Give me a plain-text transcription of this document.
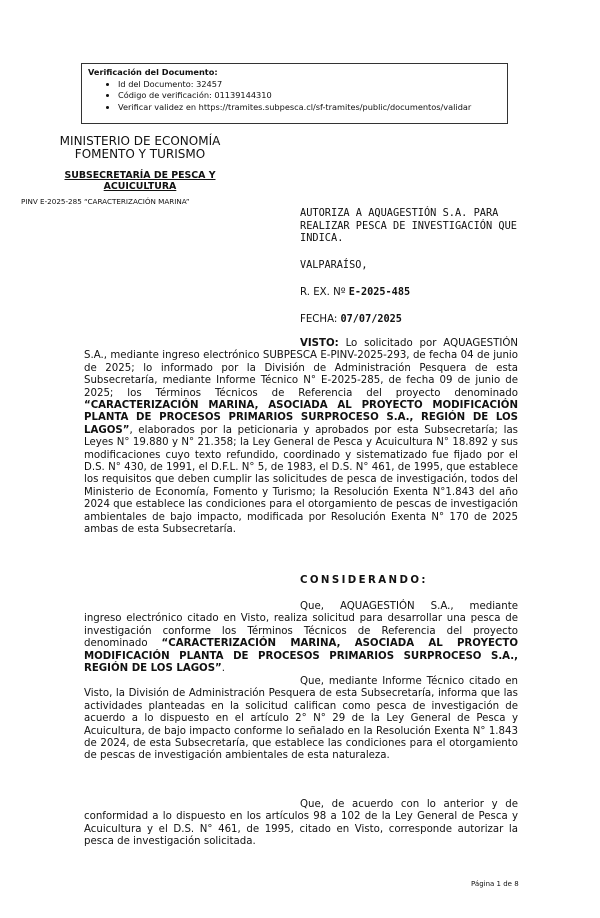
Verificación del Documento:
• Id del Documento: 32457
• Código de verificación: 01139144310
• Verificar validez en https://tramites.subpesca.cl/sf-tramites/public/documentos/validar
MINISTERIO DE ECONOMÍA
FOMENTO Y TURISMO
SUBSECRETARÍA DE PESCA Y
ACUICULTURA
PINV E-2025-285 “CARACTERIZACIÓN MARINA”
AUTORIZA A AQUAGESTIÓN S.A. PARA REALIZAR PESCA DE INVESTIGACIÓN QUE INDICA.
VALPARAÍSO,
R. EX. Nº E-2025-485
FECHA: 07/07/2025
VISTO: Lo solicitado por AQUAGESTIÓN S.A., mediante ingreso electrónico SUBPESCA E-PINV-2025-293, de fecha 04 de junio de 2025; lo informado por la División de Administración Pesquera de esta Subsecretaría, mediante Informe Técnico N° E-2025-285, de fecha 09 de junio de 2025; los Términos Técnicos de Referencia del proyecto denominado “CARACTERIZACIÓN MARINA, ASOCIADA AL PROYECTO MODIFICACIÓN PLANTA DE PROCESOS PRIMARIOS SURPROCESO S.A., REGIÓN DE LOS LAGOS”, elaborados por la peticionaria y aprobados por esta Subsecretaría; las Leyes N° 19.880 y N° 21.358; la Ley General de Pesca y Acuicultura N° 18.892 y sus modificaciones cuyo texto refundido, coordinado y sistematizado fue fijado por el D.S. N° 430, de 1991, el D.F.L. N° 5, de 1983, el D.S. N° 461, de 1995, que establece los requisitos que deben cumplir las solicitudes de pesca de investigación, todos del Ministerio de Economía, Fomento y Turismo; la Resolución Exenta N°1.843 del año 2024 que establece las condiciones para el otorgamiento de pescas de investigación ambientales de bajo impacto, modificada por Resolución Exenta N° 170 de 2025 ambas de esta Subsecretaría.
CONSIDERANDO:
Que, AQUAGESTIÓN S.A., mediante ingreso electrónico citado en Visto, realiza solicitud para desarrollar una pesca de investigación conforme los Términos Técnicos de Referencia del proyecto denominado “CARACTERIZACIÓN MARINA, ASOCIADA AL PROYECTO MODIFICACIÓN PLANTA DE PROCESOS PRIMARIOS SURPROCESO S.A., REGIÓN DE LOS LAGOS”.
Que, mediante Informe Técnico citado en Visto, la División de Administración Pesquera de esta Subsecretaría, informa que las actividades planteadas en la solicitud califican como pesca de investigación de acuerdo a lo dispuesto en el artículo 2° N° 29 de la Ley General de Pesca y Acuicultura, de bajo impacto conforme lo señalado en la Resolución Exenta N° 1.843 de 2024, de esta Subsecretaría, que establece las condiciones para el otorgamiento de pescas de investigación ambientales de esta naturaleza.
Que, de acuerdo con lo anterior y de conformidad a lo dispuesto en los artículos 98 a 102 de la Ley General de Pesca y Acuicultura y el D.S. N° 461, de 1995, citado en Visto, corresponde autorizar la pesca de investigación solicitada.
Página 1 de 8
